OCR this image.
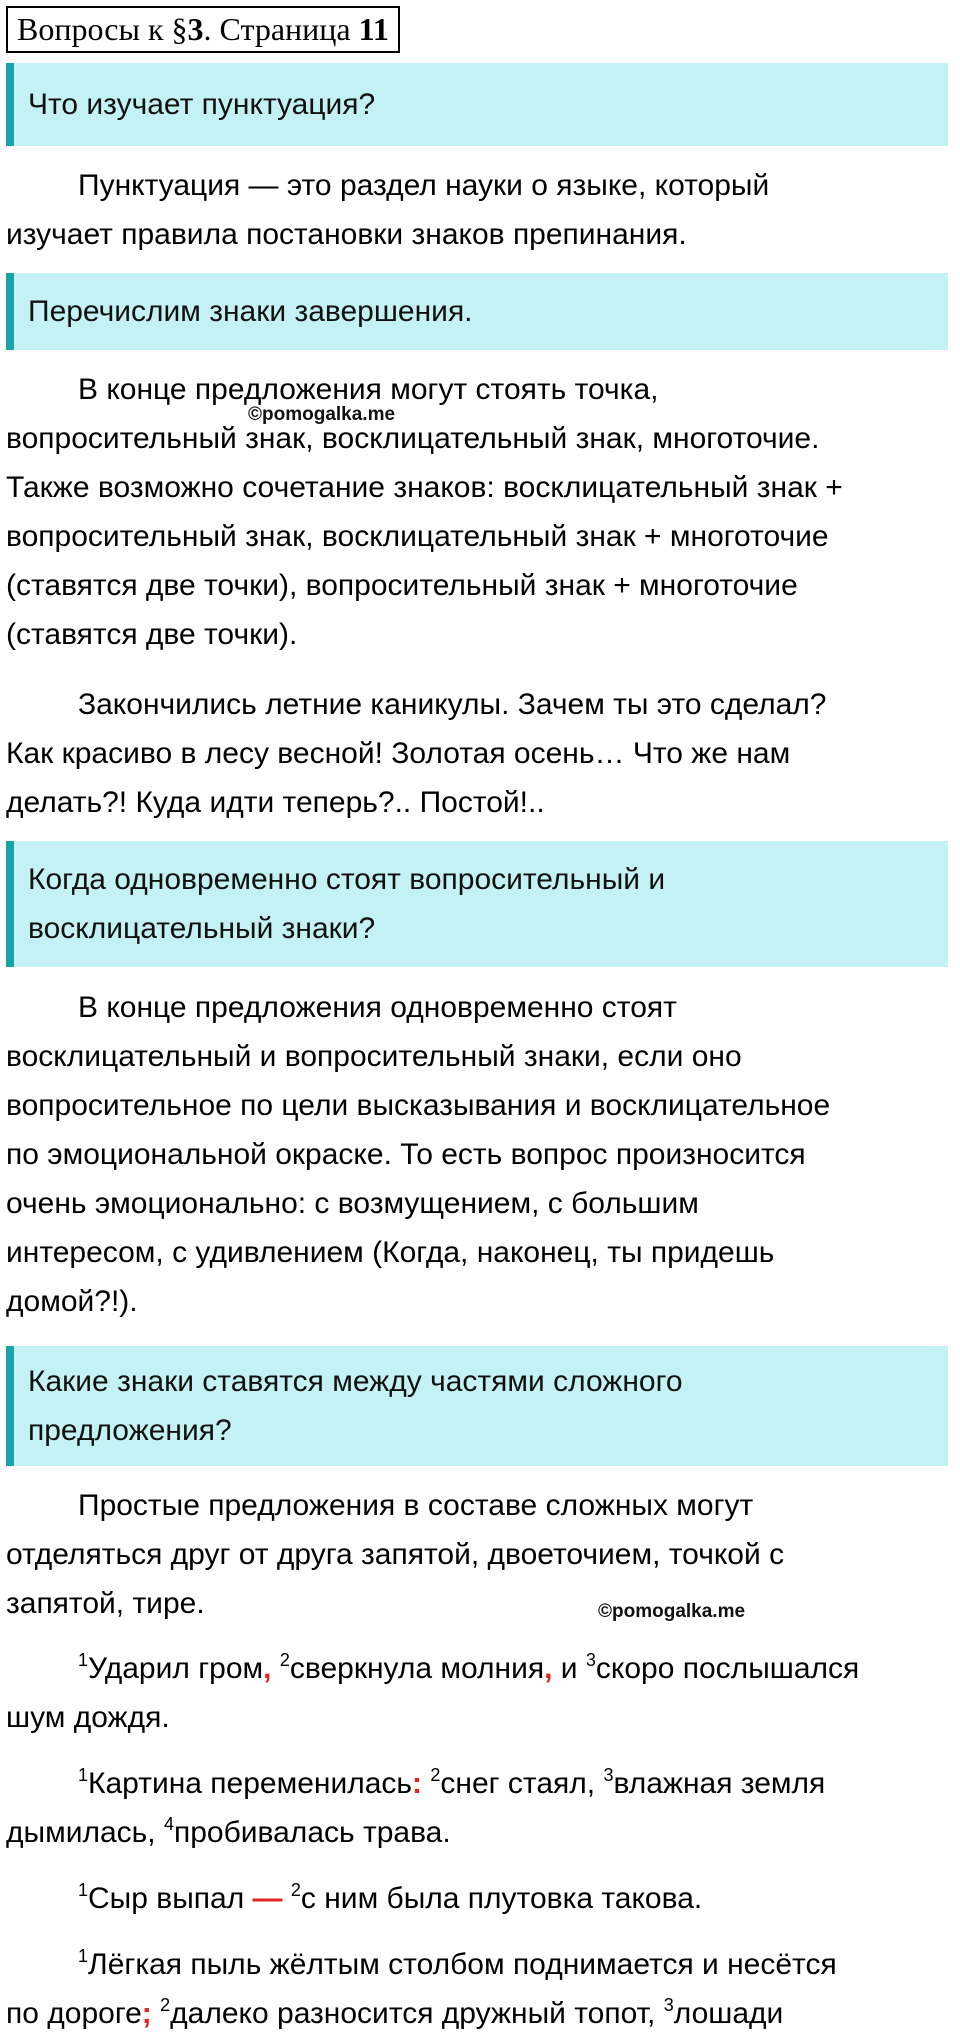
Вопросы к §3. Страница 11
Что изучает пунктуация?
Пунктуация — это раздел науки о языке, который
изучает правила постановки знаков препинания.
Перечислим знаки завершения.
В конце предложения могут стоять точка,
вопросительный знак, восклицательный знак, многоточие.
Также возможно сочетание знаков: восклицательный знак +
вопросительный знак, восклицательный знак + многоточие
(ставятся две точки), вопросительный знак + многоточие
(ставятся две точки).
©pomogalka.me
Закончились летние каникулы. Зачем ты это сделал?
Как красиво в лесу весной! Золотая осень… Что же нам
делать?! Куда идти теперь?.. Постой!..
Когда одновременно стоят вопросительный и
восклицательный знаки?
В конце предложения одновременно стоят
восклицательный и вопросительный знаки, если оно
вопросительное по цели высказывания и восклицательное
по эмоциональной окраске. То есть вопрос произносится
очень эмоционально: с возмущением, с большим
интересом, с удивлением (Когда, наконец, ты придешь
домой?!).
Какие знаки ставятся между частями сложного
предложения?
Простые предложения в составе сложных могут
отделяться друг от друга запятой, двоеточием, точкой с
запятой, тире.	©pomogalka.me
$^1$Ударил гром, $^2$сверкнула молния, и $^3$скоро послышался
шум дождя.
$^1$Картина переменилась: $^2$снег стаял, $^3$влажная земля
дымилась, $^4$пробивалась трава.
$^1$Сыр выпал — $^2$с ним была плутовка такова.
$^1$Лёгкая пыль жёлтым столбом поднимается и несётся
по дороге; $^2$далеко разносится дружный топот, $^3$лошади
